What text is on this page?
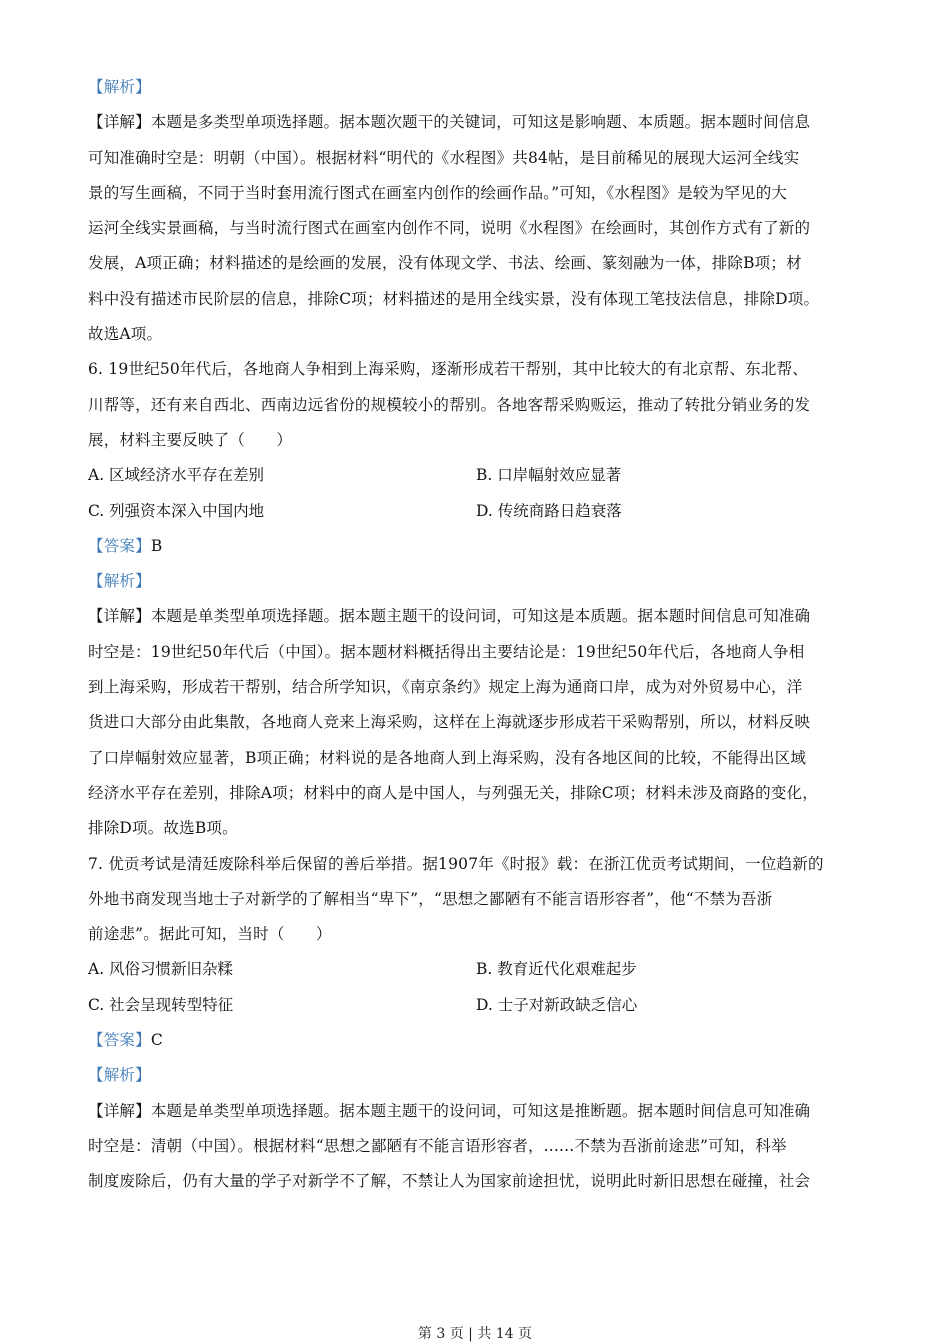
【解析】
【详解】本题是多类型单项选择题。据本题次题干的关键词，可知这是影响题、本质题。据本题时间信息
可知准确时空是：明朝（中国）。根据材料“明代的《水程图》共84帖，是目前稀见的展现大运河全线实
景的写生画稿，不同于当时套用流行图式在画室内创作的绘画作品。”可知，《水程图》是较为罕见的大
运河全线实景画稿，与当时流行图式在画室内创作不同，说明《水程图》在绘画时，其创作方式有了新的
发展，A项正确；材料描述的是绘画的发展，没有体现文学、书法、绘画、篆刻融为一体，排除B项；材
料中没有描述市民阶层的信息，排除C项；材料描述的是用全线实景，没有体现工笔技法信息，排除D项。
故选A项。
6. 19世纪50年代后，各地商人争相到上海采购，逐渐形成若干帮别，其中比较大的有北京帮、东北帮、
川帮等，还有来自西北、西南边远省份的规模较小的帮别。各地客帮采购贩运，推动了转批分销业务的发
展，材料主要反映了（　　）
A. 区域经济水平存在差别	B. 口岸幅射效应显著
C. 列强资本深入中国内地	D. 传统商路日趋衰落
【答案】B
【解析】
【详解】本题是单类型单项选择题。据本题主题干的设问词，可知这是本质题。据本题时间信息可知准确
时空是：19世纪50年代后（中国）。据本题材料概括得出主要结论是：19世纪50年代后，各地商人争相
到上海采购，形成若干帮别，结合所学知识，《南京条约》规定上海为通商口岸，成为对外贸易中心，洋
货进口大部分由此集散，各地商人竞来上海采购，这样在上海就逐步形成若干采购帮别，所以，材料反映
了口岸幅射效应显著，B项正确；材料说的是各地商人到上海采购，没有各地区间的比较，不能得出区域
经济水平存在差别，排除A项；材料中的商人是中国人，与列强无关，排除C项；材料未涉及商路的变化，
排除D项。故选B项。
7. 优贡考试是清廷废除科举后保留的善后举措。据1907年《时报》载：在浙江优贡考试期间，一位趋新的
外地书商发现当地士子对新学的了解相当“卑下”，“思想之鄙陋有不能言语形容者”，他“不禁为吾浙
前途悲”。据此可知，当时（　　）
A. 风俗习惯新旧杂糅	B. 教育近代化艰难起步
C. 社会呈现转型特征	D. 士子对新政缺乏信心
【答案】C
【解析】
【详解】本题是单类型单项选择题。据本题主题干的设问词，可知这是推断题。据本题时间信息可知准确
时空是：清朝（中国）。根据材料“思想之鄙陋有不能言语形容者，......不禁为吾浙前途悲”可知，科举
制度废除后，仍有大量的学子对新学不了解，不禁让人为国家前途担忧，说明此时新旧思想在碰撞，社会
第 3 页 | 共 14 页
